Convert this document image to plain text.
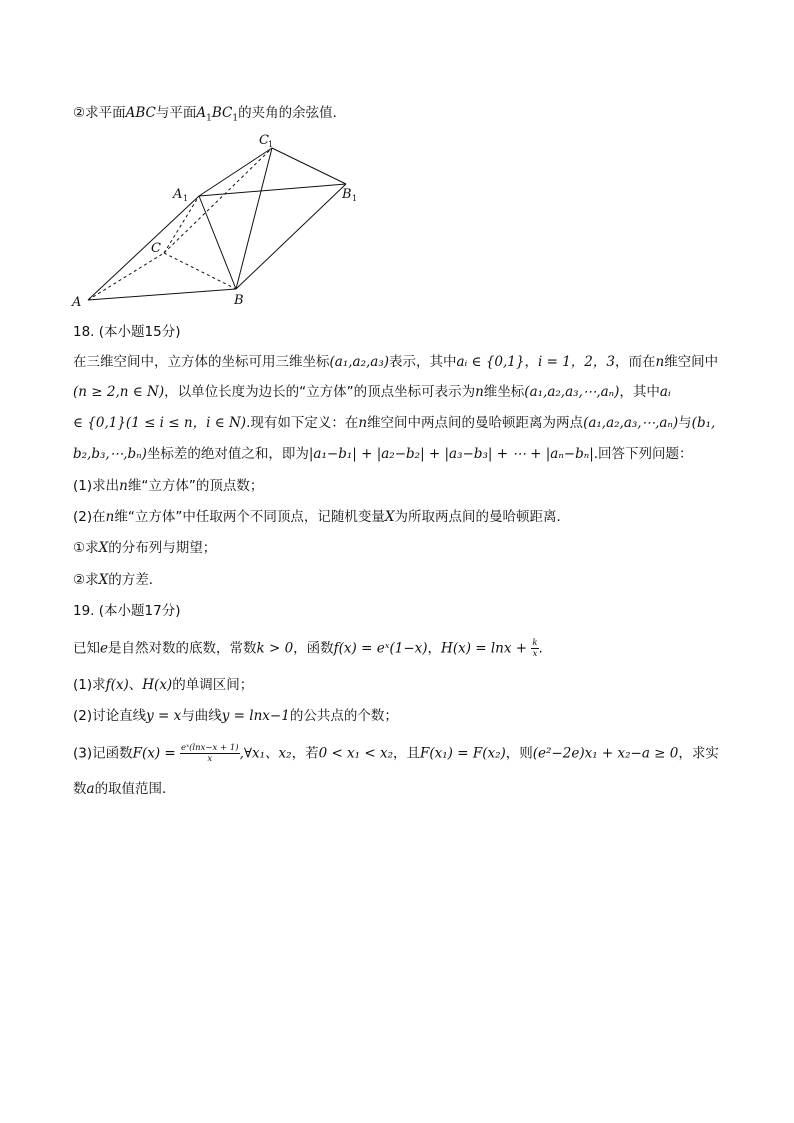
②求平面ABC与平面$A_1BC_1$的夹角的余弦值．
A	B
C
A 1	B 1
C 1
18. (本小题15分)
在三维空间中，立方体的坐标可用三维坐标(a₁,a₂,a₃)表示，其中aᵢ ∈ {0,1}，i = 1，2，3，而在n维空间中
(n ≥ 2,n ∈ N)，以单位长度为边长的“立方体”的顶点坐标可表示为n维坐标(a₁,a₂,a₃,⋯,aₙ)，其中aᵢ
∈ {0,1}(1 ≤ i ≤ n，i ∈ N).现有如下定义：在n维空间中两点间的曼哈顿距离为两点(a₁,a₂,a₃,⋯,aₙ)与(b₁,
b₂,b₃,⋯,bₙ)坐标差的绝对值之和，即为|a₁−b₁| + |a₂−b₂| + |a₃−b₃| + ⋯ + |aₙ−bₙ|.回答下列问题：
(1)求出n维“立方体”的顶点数；
(2)在n维“立方体”中任取两个不同顶点，记随机变量X为所取两点间的曼哈顿距离．
①求X的分布列与期望；
②求X的方差．
19. (本小题17分)
已知e是自然对数的底数，常数k > 0，函数f(x) = eˣ(1−x)，$H(x) = \ln x + \frac{k}{x}$ .
(1)求f(x)、H(x)的单调区间；
(2)讨论直线y = x与曲线y = lnx−1的公共点的个数；
(3)记函数$F(x) = \frac{\text{eˣ(lnx−x + 1)}}{x}$ ,∀x₁、x₂，若0 < x₁ < x₂，且F(x₁) = F(x₂)，则(e²−2e)x₁ + x₂−a ≥ 0，求实
数a的取值范围．
